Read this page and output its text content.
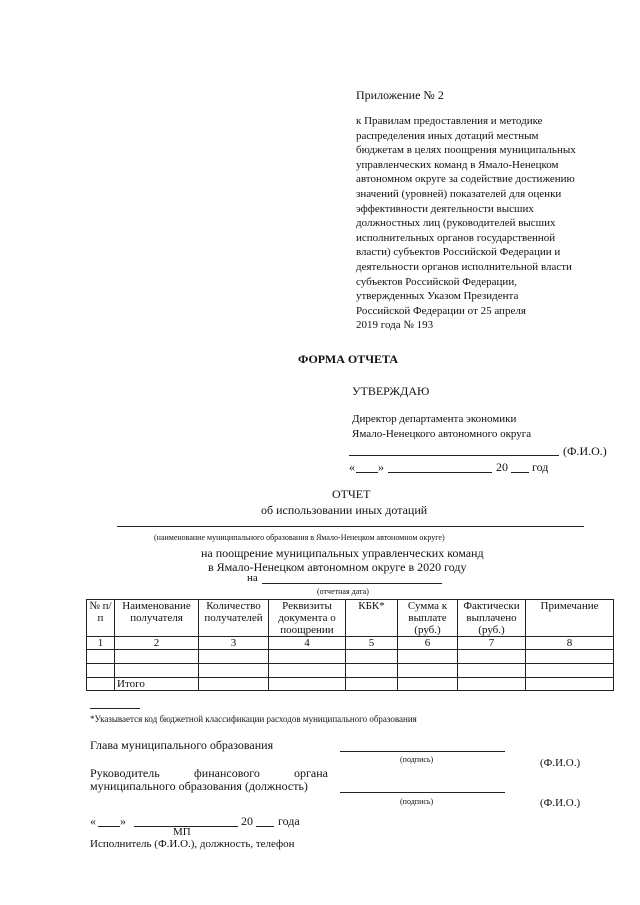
Приложение № 2
к Правилам предоставления и методике
распределения иных дотаций местным
бюджетам в целях поощрения муниципальных
управленческих команд в Ямало-Ненецком
автономном округе за содействие достижению
значений (уровней) показателей для оценки
эффективности деятельности высших
должностных лиц (руководителей высших
исполнительных органов государственной
власти) субъектов Российской Федерации и
деятельности органов исполнительной власти
субъектов Российской Федерации,
утвержденных Указом Президента
Российской Федерации от 25 апреля
2019 года № 193
ФОРМА ОТЧЕТА
УТВЕРЖДАЮ
Директор департамента экономики
Ямало-Ненецкого автономного округа
(Ф.И.О.)
« »	20 год
ОТЧЕТ
об использовании иных дотаций
(наименование муниципального образования в Ямало-Ненецком автономном округе)
на поощрение муниципальных управленческих команд
в Ямало-Ненецком автономном округе в 2020 году
на
(отчетная дата)
№ п/п	Наименование получателя	Количество получателей	Реквизиты документа о поощрении	КБК*	Сумма к выплате (руб.)	Фактически выплачено (руб.)	Примечание
1	2	3	4	5	6	7	8

	Итого						
*Указывается код бюджетной классификации расходов муниципального образования
Глава муниципального образования
(подпись)	(Ф.И.О.)
Руководитель	финансового	органа
муниципального образования (должность)
(подпись)	(Ф.И.О.)
« »	20 года
МП
Исполнитель (Ф.И.О.), должность, телефон
